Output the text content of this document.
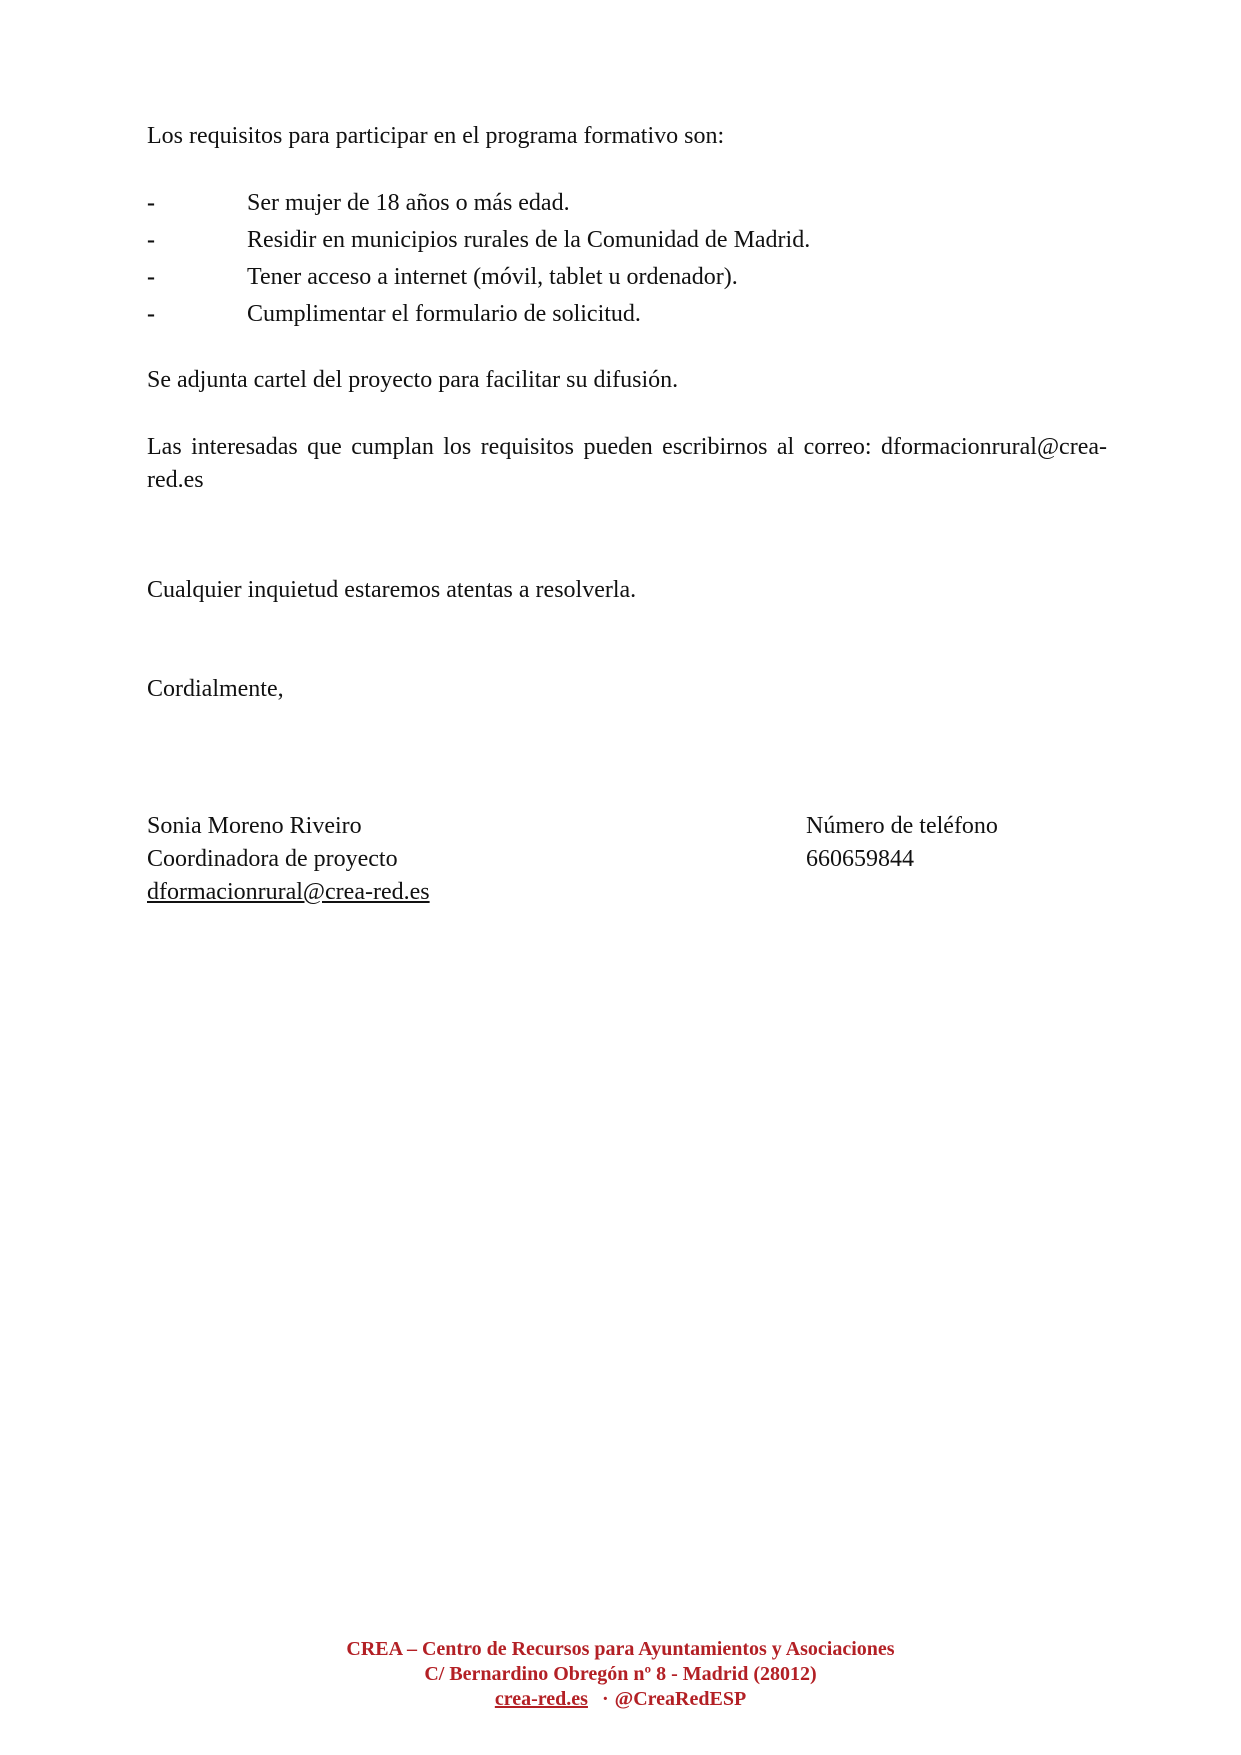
Los requisitos para participar en el programa formativo son:
-	Ser mujer de 18 años o más edad.
-	Residir en municipios rurales de la Comunidad de Madrid.
-	Tener acceso a internet (móvil, tablet u ordenador).
-	Cumplimentar el formulario de solicitud.
Se adjunta cartel del proyecto para facilitar su difusión.
Las interesadas que cumplan los requisitos pueden escribirnos al correo: dformacionrural@crea-red.es
Cualquier inquietud estaremos atentas a resolverla.
Cordialmente,
Sonia Moreno Riveiro
Coordinadora de proyecto
dformacionrural@crea-red.es
Número de teléfono
660659844
CREA – Centro de Recursos para Ayuntamientos y Asociaciones
C/ Bernardino Obregón nº 8 - Madrid (28012)
crea-red.es · @CreaRedESP
